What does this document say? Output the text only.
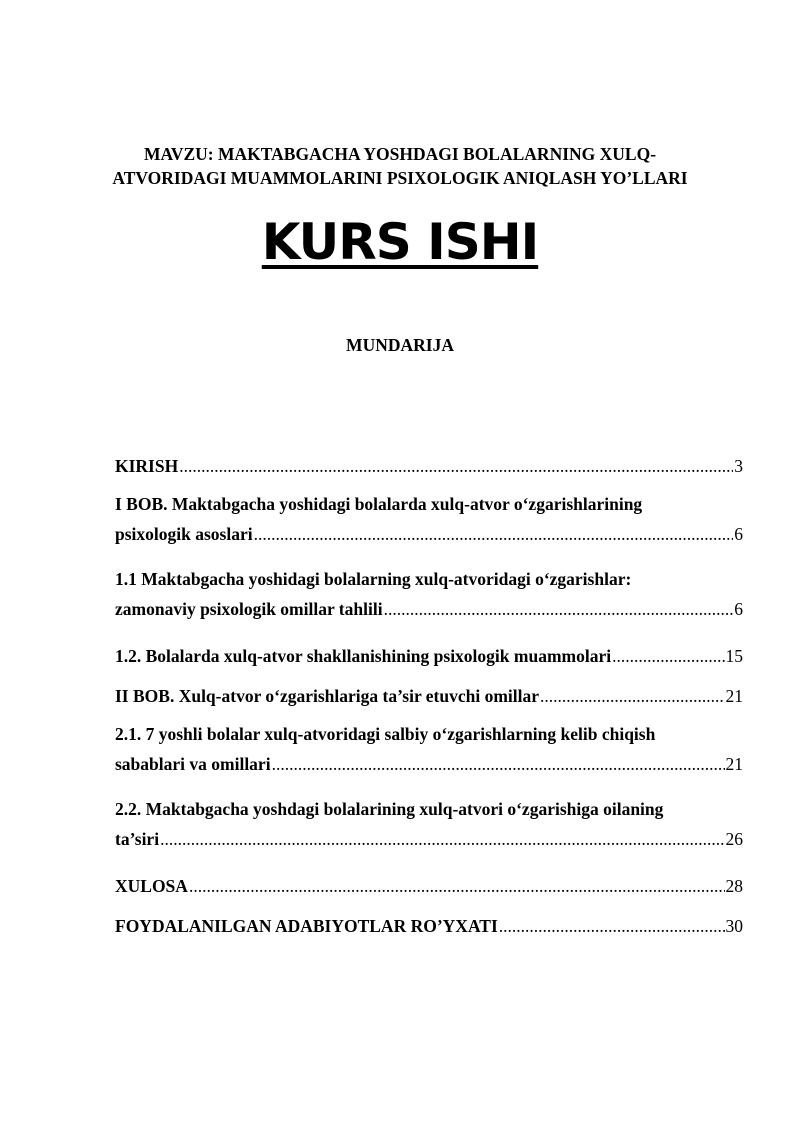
MAVZU: MAKTABGACHA YOSHDAGI BOLALARNING XULQ-
ATVORIDAGI MUAMMOLARINI PSIXOLOGIK ANIQLASH YO’LLARI
KURS ISHI
MUNDARIJA
KIRISH .....	3
I BOB. Maktabgacha yoshidagi bolalarda xulq-atvor o‘zgarishlarining
psixologik asoslari .....	6
1.1 Maktabgacha yoshidagi bolalarning xulq-atvoridagi o‘zgarishlar:
zamonaviy psixologik omillar tahlili .....	6
1.2. Bolalarda xulq-atvor shakllanishining psixologik muammolari .....	15
II BOB. Xulq-atvor o‘zgarishlariga ta’sir etuvchi omillar .....	21
2.1. 7 yoshli bolalar xulq-atvoridagi salbiy o‘zgarishlarning kelib chiqish
sabablari va omillari .....	21
2.2. Maktabgacha yoshdagi bolalarining xulq-atvori o‘zgarishiga oilaning
ta’siri .....	26
XULOSA .....	28
FOYDALANILGAN ADABIYOTLAR RO’YXATI .....	30
